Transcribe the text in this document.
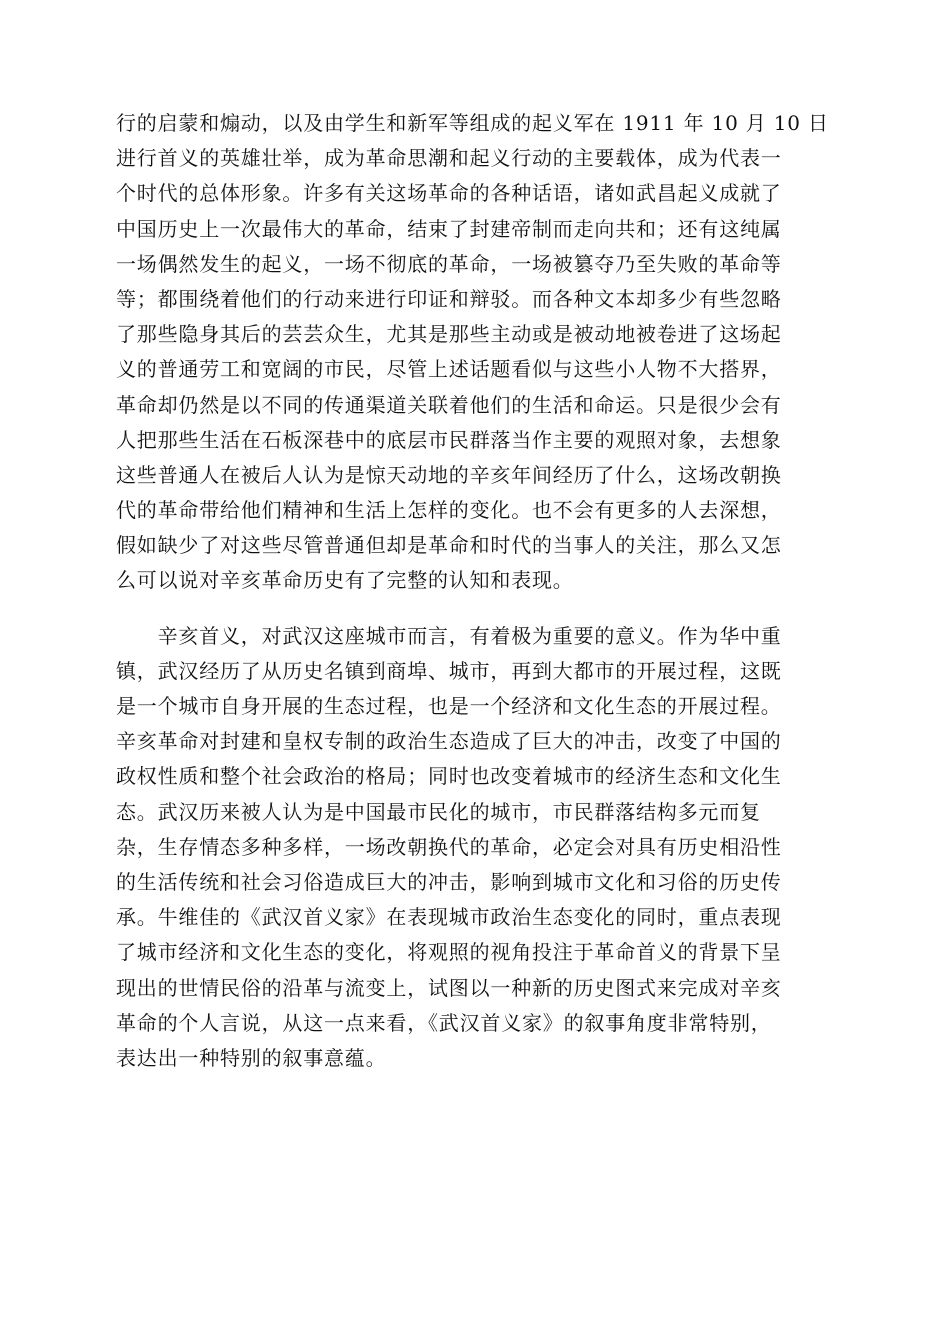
行的启蒙和煽动，以及由学生和新军等组成的起义军在 1911 年 10 月 10 日
进行首义的英雄壮举，成为革命思潮和起义行动的主要载体，成为代表一
个时代的总体形象。许多有关这场革命的各种话语，诸如武昌起义成就了
中国历史上一次最伟大的革命，结束了封建帝制而走向共和；还有这纯属
一场偶然发生的起义，一场不彻底的革命，一场被篡夺乃至失败的革命等
等；都围绕着他们的行动来进行印证和辩驳。而各种文本却多少有些忽略
了那些隐身其后的芸芸众生，尤其是那些主动或是被动地被卷进了这场起
义的普通劳工和宽阔的市民，尽管上述话题看似与这些小人物不大搭界，
革命却仍然是以不同的传通渠道关联着他们的生活和命运。只是很少会有
人把那些生活在石板深巷中的底层市民群落当作主要的观照对象，去想象
这些普通人在被后人认为是惊天动地的辛亥年间经历了什么，这场改朝换
代的革命带给他们精神和生活上怎样的变化。也不会有更多的人去深想，
假如缺少了对这些尽管普通但却是革命和时代的当事人的关注，那么又怎
么可以说对辛亥革命历史有了完整的认知和表现。
　　辛亥首义，对武汉这座城市而言，有着极为重要的意义。作为华中重
镇，武汉经历了从历史名镇到商埠、城市，再到大都市的开展过程，这既
是一个城市自身开展的生态过程，也是一个经济和文化生态的开展过程。
辛亥革命对封建和皇权专制的政治生态造成了巨大的冲击，改变了中国的
政权性质和整个社会政治的格局；同时也改变着城市的经济生态和文化生
态。武汉历来被人认为是中国最市民化的城市，市民群落结构多元而复
杂，生存情态多种多样，一场改朝换代的革命，必定会对具有历史相沿性
的生活传统和社会习俗造成巨大的冲击，影响到城市文化和习俗的历史传
承。牛维佳的《武汉首义家》在表现城市政治生态变化的同时，重点表现
了城市经济和文化生态的变化，将观照的视角投注于革命首义的背景下呈
现出的世情民俗的沿革与流变上，试图以一种新的历史图式来完成对辛亥
革命的个人言说，从这一点来看，《武汉首义家》的叙事角度非常特别，
表达出一种特别的叙事意蕴。
